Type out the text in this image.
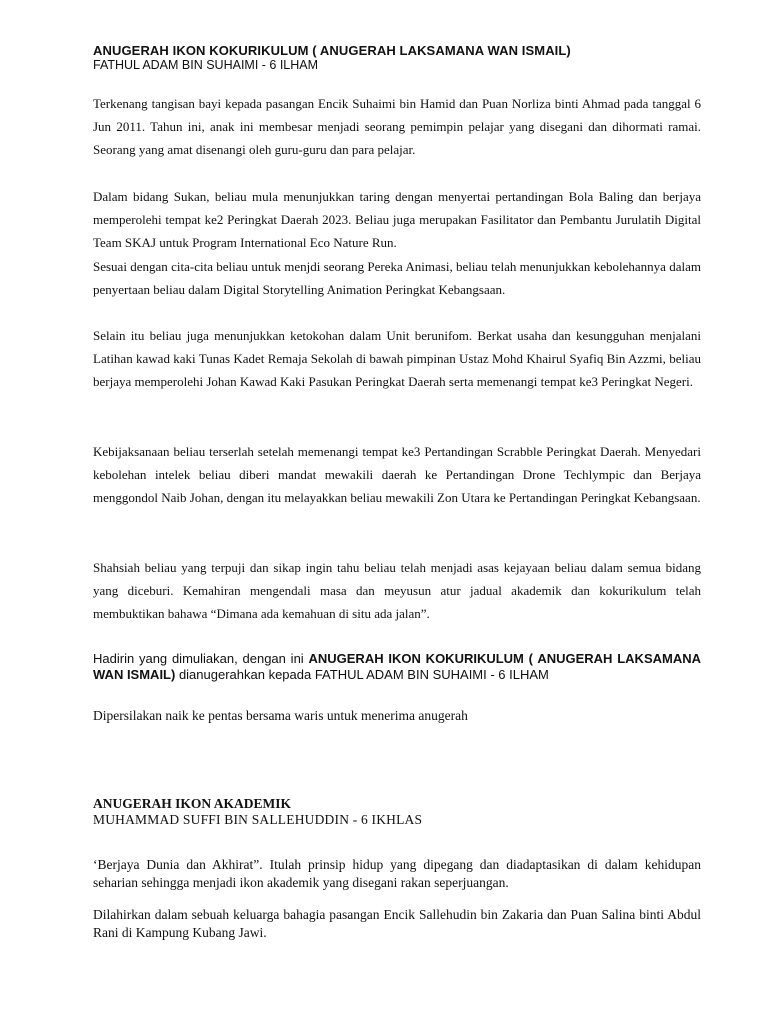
ANUGERAH IKON KOKURIKULUM ( ANUGERAH LAKSAMANA WAN ISMAIL)
FATHUL ADAM BIN SUHAIMI - 6 ILHAM

Terkenang tangisan bayi kepada pasangan Encik Suhaimi bin Hamid dan Puan Norliza binti Ahmad pada tanggal 6 Jun 2011. Tahun ini, anak ini membesar menjadi seorang pemimpin pelajar yang disegani dan dihormati ramai. Seorang yang amat disenangi oleh guru-guru dan para pelajar.

Dalam bidang Sukan, beliau mula menunjukkan taring dengan menyertai pertandingan Bola Baling dan berjaya memperolehi tempat ke2 Peringkat Daerah 2023. Beliau juga merupakan Fasilitator dan Pembantu Jurulatih Digital Team SKAJ untuk Program International Eco Nature Run.

Sesuai dengan cita-cita beliau untuk menjdi seorang Pereka Animasi, beliau telah menunjukkan kebolehannya dalam penyertaan beliau dalam Digital Storytelling Animation Peringkat Kebangsaan.

Selain itu beliau juga menunjukkan ketokohan dalam Unit berunifom. Berkat usaha dan kesungguhan menjalani Latihan kawad kaki Tunas Kadet Remaja Sekolah di bawah pimpinan Ustaz Mohd Khairul Syafiq Bin Azzmi, beliau berjaya memperolehi Johan Kawad Kaki Pasukan Peringkat Daerah serta memenangi tempat ke3 Peringkat Negeri.

Kebijaksanaan beliau terserlah setelah memenangi tempat ke3 Pertandingan Scrabble Peringkat Daerah. Menyedari kebolehan intelek beliau diberi mandat mewakili daerah ke Pertandingan Drone Techlympic dan Berjaya menggondol Naib Johan, dengan itu melayakkan beliau mewakili Zon Utara ke Pertandingan Peringkat Kebangsaan.

Shahsiah beliau yang terpuji dan sikap ingin tahu beliau telah menjadi asas kejayaan beliau dalam semua bidang yang diceburi. Kemahiran mengendali masa dan meyusun atur jadual akademik dan kokurikulum telah membuktikan bahawa “Dimana ada kemahuan di situ ada jalan”.

Hadirin yang dimuliakan, dengan ini ANUGERAH IKON KOKURIKULUM ( ANUGERAH LAKSAMANA WAN ISMAIL) dianugerahkan kepada FATHUL ADAM BIN SUHAIMI - 6 ILHAM

Dipersilakan naik ke pentas bersama waris untuk menerima anugerah
ANUGERAH IKON AKADEMIK
MUHAMMAD SUFFI BIN SALLEHUDDIN - 6 IKHLAS

‘Berjaya Dunia dan Akhirat”. Itulah prinsip hidup yang dipegang dan diadaptasikan di dalam kehidupan seharian sehingga menjadi ikon akademik yang disegani rakan seperjuangan.

Dilahirkan dalam sebuah keluarga bahagia pasangan Encik Sallehudin bin Zakaria dan Puan Salina binti Abdul Rani di Kampung Kubang Jawi.
